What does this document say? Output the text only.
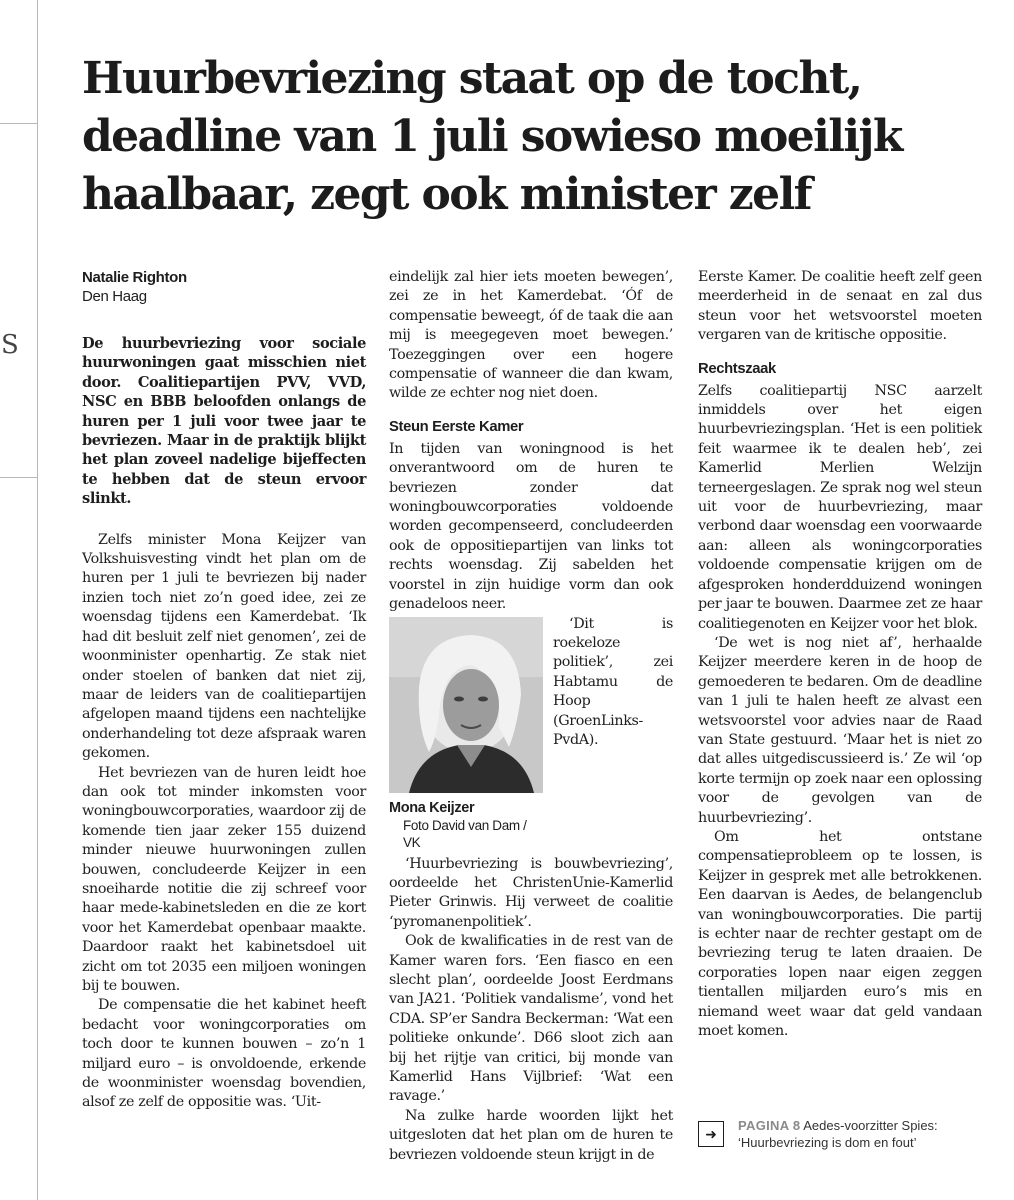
S
Huurbevriezing staat op de tocht, deadline van 1 juli sowieso moeilijk haalbaar, zegt ook minister zelf
Natalie Righton
Den Haag

De huurbevriezing voor sociale huurwoningen gaat misschien niet door. Coalitiepartijen PVV, VVD, NSC en BBB beloofden onlangs de huren per 1 juli voor twee jaar te bevriezen. Maar in de praktijk blijkt het plan zoveel nadelige bijeffecten te hebben dat de steun ervoor slinkt.

Zelfs minister Mona Keijzer van Volkshuisvesting vindt het plan om de huren per 1 juli te bevriezen bij nader inzien toch niet zo’n goed idee, zei ze woensdag tijdens een Kamerdebat. ‘Ik had dit besluit zelf niet genomen’, zei de woonminister openhartig. Ze stak niet onder stoelen of banken dat niet zij, maar de leiders van de coalitiepartijen afgelopen maand tijdens een nachtelijke onderhandeling tot deze afspraak waren gekomen.

Het bevriezen van de huren leidt hoe dan ook tot minder inkomsten voor woningbouwcorporaties, waardoor zij de komende tien jaar zeker 155 duizend minder nieuwe huurwoningen zullen bouwen, concludeerde Keijzer in een snoeiharde notitie die zij schreef voor haar mede-kabinetsleden en die ze kort voor het Kamerdebat openbaar maakte. Daardoor raakt het kabinetsdoel uit zicht om tot 2035 een miljoen woningen bij te bouwen.

De compensatie die het kabinet heeft bedacht voor woningcorporaties om toch door te kunnen bouwen – zo’n 1 miljard euro – is onvoldoende, erkende de woonminister woensdag bovendien, alsof ze zelf de oppositie was. ‘Uit-

eindelijk zal hier iets moeten bewegen’, zei ze in het Kamerdebat. ‘Óf de compensatie beweegt, óf de taak die aan mij is meegegeven moet bewegen.’ Toezeggingen over een hogere compensatie of wanneer die dan kwam, wilde ze echter nog niet doen.

Steun Eerste Kamer

In tijden van woningnood is het onverantwoord om de huren te bevriezen zonder dat woningbouwcorporaties voldoende worden gecompenseerd, concludeerden ook de oppositiepartijen van links tot rechts woensdag. Zij sabelden het voorstel in zijn huidige vorm dan ook genadeloos neer.

Mona Keijzer
Foto David van Dam / VK

‘Dit is roekeloze politiek’, zei Habtamu de Hoop (GroenLinks-PvdA).

‘Huurbevriezing is bouwbevriezing’, oordeelde het ChristenUnie-Kamerlid Pieter Grinwis. Hij verweet de coalitie ‘pyromanenpolitiek’.

Ook de kwalificaties in de rest van de Kamer waren fors. ‘Een fiasco en een slecht plan’, oordeelde Joost Eerdmans van JA21. ‘Politiek vandalisme’, vond het CDA. SP’er Sandra Beckerman: ‘Wat een politieke onkunde’. D66 sloot zich aan bij het rijtje van critici, bij monde van Kamerlid Hans Vijlbrief: ‘Wat een ravage.’

Na zulke harde woorden lijkt het uitgesloten dat het plan om de huren te bevriezen voldoende steun krijgt in de

Eerste Kamer. De coalitie heeft zelf geen meerderheid in de senaat en zal dus steun voor het wetsvoorstel moeten vergaren van de kritische oppositie.

Rechtszaak

Zelfs coalitiepartij NSC aarzelt inmiddels over het eigen huurbevriezingsplan. ‘Het is een politiek feit waarmee ik te dealen heb’, zei Kamerlid Merlien Welzijn terneergeslagen. Ze sprak nog wel steun uit voor de huurbevriezing, maar verbond daar woensdag een voorwaarde aan: alleen als woningcorporaties voldoende compensatie krijgen om de afgesproken honderdduizend woningen per jaar te bouwen. Daarmee zet ze haar coalitiegenoten en Keijzer voor het blok.

‘De wet is nog niet af’, herhaalde Keijzer meerdere keren in de hoop de gemoederen te bedaren. Om de deadline van 1 juli te halen heeft ze alvast een wetsvoorstel voor advies naar de Raad van State gestuurd. ‘Maar het is niet zo dat alles uitgediscussieerd is.’ Ze wil ‘op korte termijn op zoek naar een oplossing voor de gevolgen van de huurbevriezing’.

Om het ontstane compensatieprobleem op te lossen, is Keijzer in gesprek met alle betrokkenen. Een daarvan is Aedes, de belangenclub van woningbouwcorporaties. Die partij is echter naar de rechter gestapt om de bevriezing terug te laten draaien. De corporaties lopen naar eigen zeggen tientallen miljarden euro’s mis en niemand weet waar dat geld vandaan moet komen.

➜	PAGINA 8 Aedes-voorzitter Spies: ‘Huurbevriezing is dom en fout’
